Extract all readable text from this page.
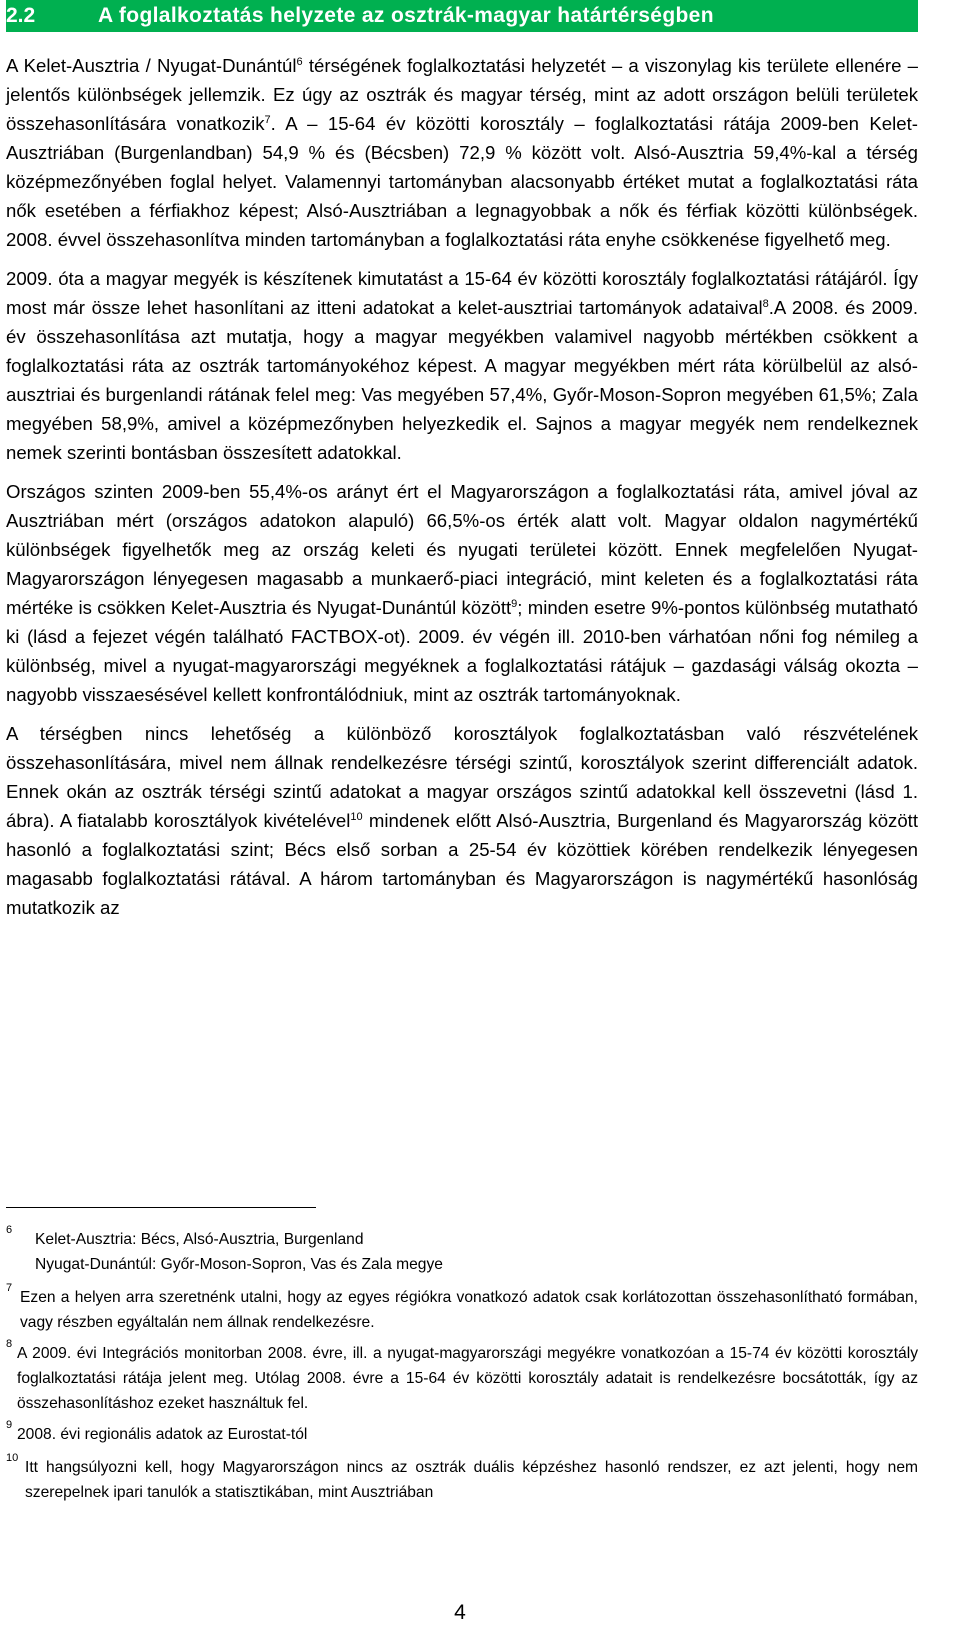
2.2	A foglalkoztatás helyzete az osztrák-magyar határtérségben

A Kelet-Ausztria / Nyugat-Dunántúl$^6$ térségének foglalkoztatási helyzetét – a viszonylag kis területe ellenére – jelentős különbségek jellemzik. Ez úgy az osztrák és magyar térség, mint az adott országon belüli területek összehasonlítására vonatkozik$^7$. A – 15-64 év közötti korosztály – foglalkoztatási rátája 2009-ben Kelet-Ausztriában (Burgenlandban) 54,9 % és (Bécsben) 72,9 % között volt. Alsó-Ausztria 59,4%-kal a térség középmezőnyében foglal helyet. Valamennyi tartományban alacsonyabb értéket mutat a foglalkoztatási ráta nők esetében a férfiakhoz képest; Alsó-Ausztriában a legnagyobbak a nők és férfiak közötti különbségek. 2008. évvel összehasonlítva minden tartományban a foglalkoztatási ráta enyhe csökkenése figyelhető meg.

2009. óta a magyar megyék is készítenek kimutatást a 15-64 év közötti korosztály foglalkoztatási rátájáról. Így most már össze lehet hasonlítani az itteni adatokat a kelet-ausztriai tartományok adataival$^8$.A 2008. és 2009. év összehasonlítása azt mutatja, hogy a magyar megyékben valamivel nagyobb mértékben csökkent a foglalkoztatási ráta az osztrák tartományokéhoz képest. A magyar megyékben mért ráta körülbelül az alsó-ausztriai és burgenlandi rátának felel meg: Vas megyében 57,4%, Győr-Moson-Sopron megyében 61,5%; Zala megyében 58,9%, amivel a középmezőnyben helyezkedik el. Sajnos a magyar megyék nem rendelkeznek nemek szerinti bontásban összesített adatokkal.

Országos szinten 2009-ben 55,4%-os arányt ért el Magyarországon a foglalkoztatási ráta, amivel jóval az Ausztriában mért (országos adatokon alapuló) 66,5%-os érték alatt volt. Magyar oldalon nagymértékű különbségek figyelhetők meg az ország keleti és nyugati területei között. Ennek megfelelően Nyugat-Magyarországon lényegesen magasabb a munkaerő-piaci integráció, mint keleten és a foglalkoztatási ráta mértéke is csökken Kelet-Ausztria és Nyugat-Dunántúl között$^9$; minden esetre 9%-pontos különbség mutatható ki (lásd a fejezet végén található FACTBOX-ot). 2009. év végén ill. 2010-ben várhatóan nőni fog némileg a különbség, mivel a nyugat-magyarországi megyéknek a foglalkoztatási rátájuk – gazdasági válság okozta – nagyobb visszaesésével kellett konfrontálódniuk, mint az osztrák tartományoknak.

A térségben nincs lehetőség a különböző korosztályok foglalkoztatásban való részvételének összehasonlítására, mivel nem állnak rendelkezésre térségi szintű, korosztályok szerint differenciált adatok. Ennek okán az osztrák térségi szintű adatokat a magyar országos szintű adatokkal kell összevetni (lásd 1. ábra). A fiatalabb korosztályok kivételével$^{10}$ mindenek előtt Alsó-Ausztria, Burgenland és Magyarország között hasonló a foglalkoztatási szint; Bécs első sorban a 25-54 év közöttiek körében rendelkezik lényegesen magasabb foglalkoztatási rátával. A három tartományban és Magyarországon is nagymértékű hasonlóság mutatkozik az

6
Kelet-Ausztria: Bécs, Alsó-Ausztria, Burgenland
Nyugat-Dunántúl: Győr-Moson-Sopron, Vas és Zala megye
7
Ezen a helyen arra szeretnénk utalni, hogy az egyes régiókra vonatkozó adatok csak korlátozottan összehasonlítható formában, vagy részben egyáltalán nem állnak rendelkezésre.
8
A 2009. évi Integrációs monitorban 2008. évre, ill. a nyugat-magyarországi megyékre vonatkozóan a 15-74 év közötti korosztály foglalkoztatási rátája jelent meg. Utólag 2008. évre a 15-64 év közötti korosztály adatait is rendelkezésre bocsátották, így az összehasonlításhoz ezeket használtuk fel.
9
2008. évi regionális adatok az Eurostat-tól
10
Itt hangsúlyozni kell, hogy Magyarországon nincs az osztrák duális képzéshez hasonló rendszer, ez azt jelenti, hogy nem szerepelnek ipari tanulók a statisztikában, mint Ausztriában
4
